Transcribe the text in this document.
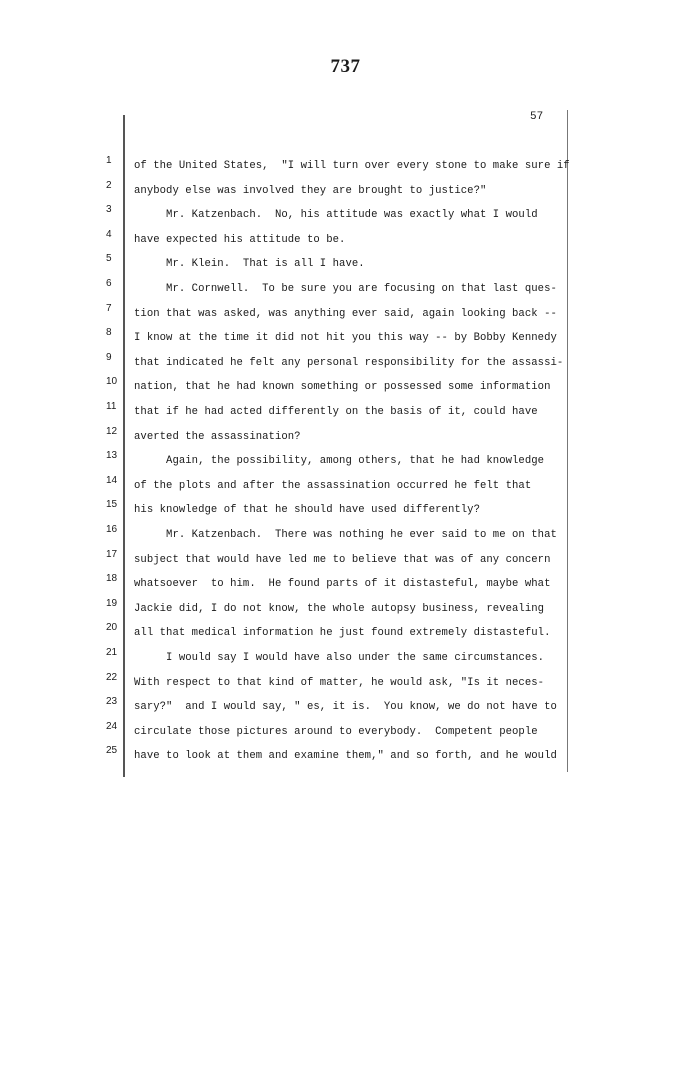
737
57
1	of the United States,  "I will turn over every stone to make sure if
2	anybody else was involved they are brought to justice?"
3	Mr. Katzenbach.  No, his attitude was exactly what I would
4	have expected his attitude to be.
5	Mr. Klein.  That is all I have.
6	Mr. Cornwell.  To be sure you are focusing on that last ques-
7	tion that was asked, was anything ever said, again looking back --
8	I know at the time it did not hit you this way -- by Bobby Kennedy
9	that indicated he felt any personal responsibility for the assassi-
10	nation, that he had known something or possessed some information
11	that if he had acted differently on the basis of it, could have
12	averted the assassination?
13	Again, the possibility, among others, that he had knowledge
14	of the plots and after the assassination occurred he felt that
15	his knowledge of that he should have used differently?
16	Mr. Katzenbach.  There was nothing he ever said to me on that
17	subject that would have led me to believe that was of any concern
18	whatsoever  to him.  He found parts of it distasteful, maybe what
19	Jackie did, I do not know, the whole autopsy business, revealing
20	all that medical information he just found extremely distasteful.
21	I would say I would have also under the same circumstances.
22	With respect to that kind of matter, he would ask, "Is it neces-
23	sary?"  and I would say, " es, it is.  You know, we do not have to
24	circulate those pictures around to everybody.  Competent people
25	have to look at them and examine them," and so forth, and he would
